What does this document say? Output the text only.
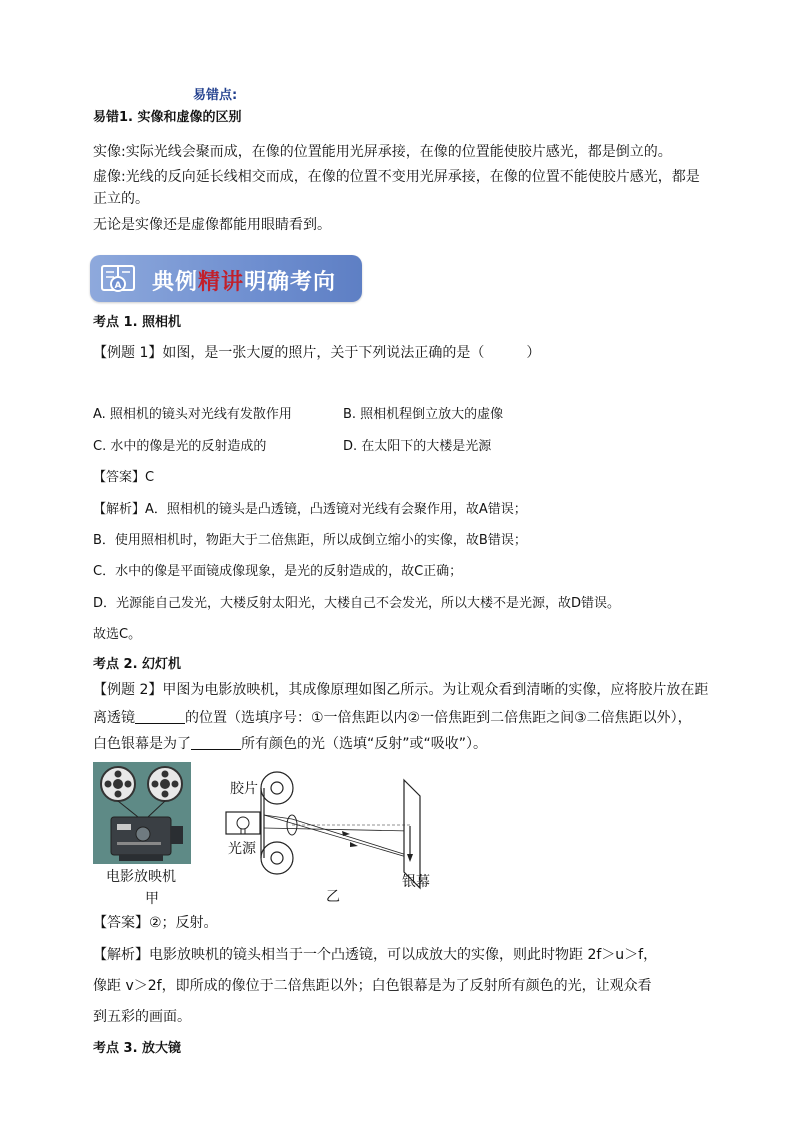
易错点:
易错1. 实像和虚像的区别
实像:实际光线会聚而成，在像的位置能用光屏承接，在像的位置能使胶片感光，都是倒立的。
虚像:光线的反向延长线相交而成，在像的位置不变用光屏承接，在像的位置不能使胶片感光，都是
正立的。
无论是实像还是虚像都能用眼睛看到。
A 典例精讲明确考向
考点 1. 照相机
【例题 1】如图，是一张大厦的照片，关于下列说法正确的是（　　　）
A. 照相机的镜头对光线有发散作用	B. 照相机程倒立放大的虚像
C. 水中的像是光的反射造成的	D. 在太阳下的大楼是光源
【答案】C
【解析】A．照相机的镜头是凸透镜，凸透镜对光线有会聚作用，故A错误；
B．使用照相机时，物距大于二倍焦距，所以成倒立缩小的实像，故B错误；
C．水中的像是平面镜成像现象，是光的反射造成的，故C正确；
D．光源能自己发光，大楼反射太阳光，大楼自己不会发光，所以大楼不是光源，故D错误。
故选C。
考点 2. 幻灯机
【例题 2】甲图为电影放映机，其成像原理如图乙所示。为让观众看到清晰的实像，应将胶片放在距
离透镜	的位置（选填序号：①一倍焦距以内②一倍焦距到二倍焦距之间③二倍焦距以外），
白色银幕是为了	所有颜色的光（选填“反射”或“吸收”）。
电影放映机
甲
胶片
光源
银幕
乙
【答案】②；反射。
【解析】电影放映机的镜头相当于一个凸透镜，可以成放大的实像，则此时物距 2f＞u＞f，
像距 v＞2f，即所成的像位于二倍焦距以外；白色银幕是为了反射所有颜色的光，让观众看
到五彩的画面。
考点 3. 放大镜
